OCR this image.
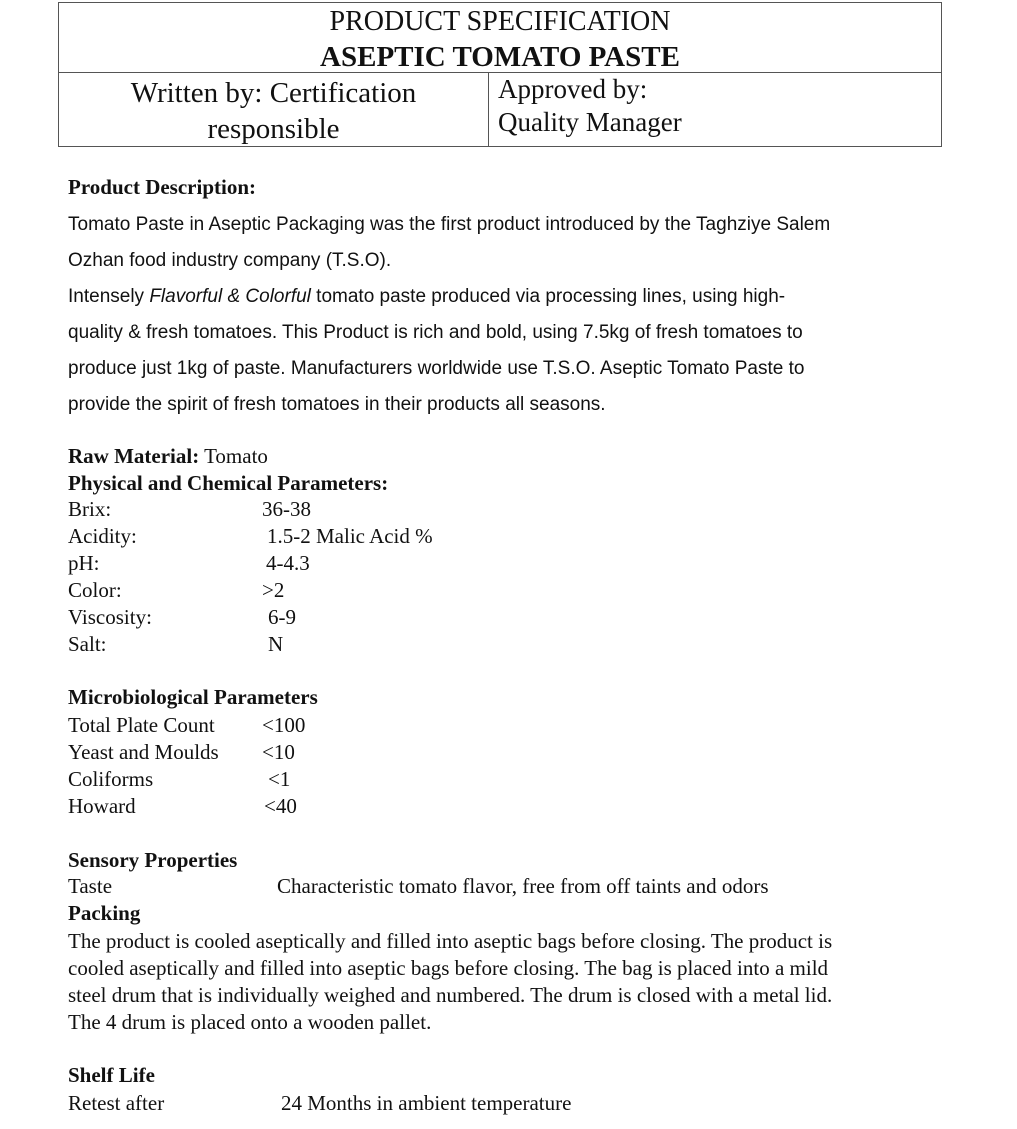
PRODUCT SPECIFICATION
ASEPTIC TOMATO PASTE
Written by: Certification
responsible
Approved by:
Quality Manager
Product Description:
Tomato Paste in Aseptic Packaging was the first product introduced by the Taghziye Salem
Ozhan food industry company (T.S.O).
Intensely Flavorful & Colorful tomato paste produced via processing lines, using high-
quality & fresh tomatoes. This Product is rich and bold, using 7.5kg of fresh tomatoes to
produce just 1kg of paste. Manufacturers worldwide use T.S.O. Aseptic Tomato Paste to
provide the spirit of fresh tomatoes in their products all seasons.
Raw Material: Tomato
Physical and Chemical Parameters:
Brix:	36-38
Acidity:	1.5-2 Malic Acid %
pH:	4-4.3
Color:	>2
Viscosity:	6-9
Salt:	N
Microbiological Parameters
Total Plate Count <100
Yeast and Moulds <10
Coliforms	<1
Howard	<40
Sensory Properties
Taste	Characteristic tomato flavor, free from off taints and odors
Packing
The product is cooled aseptically and filled into aseptic bags before closing. The product is
cooled aseptically and filled into aseptic bags before closing. The bag is placed into a mild
steel drum that is individually weighed and numbered. The drum is closed with a metal lid.
The 4 drum is placed onto a wooden pallet.
Shelf Life
Retest after	24 Months in ambient temperature
